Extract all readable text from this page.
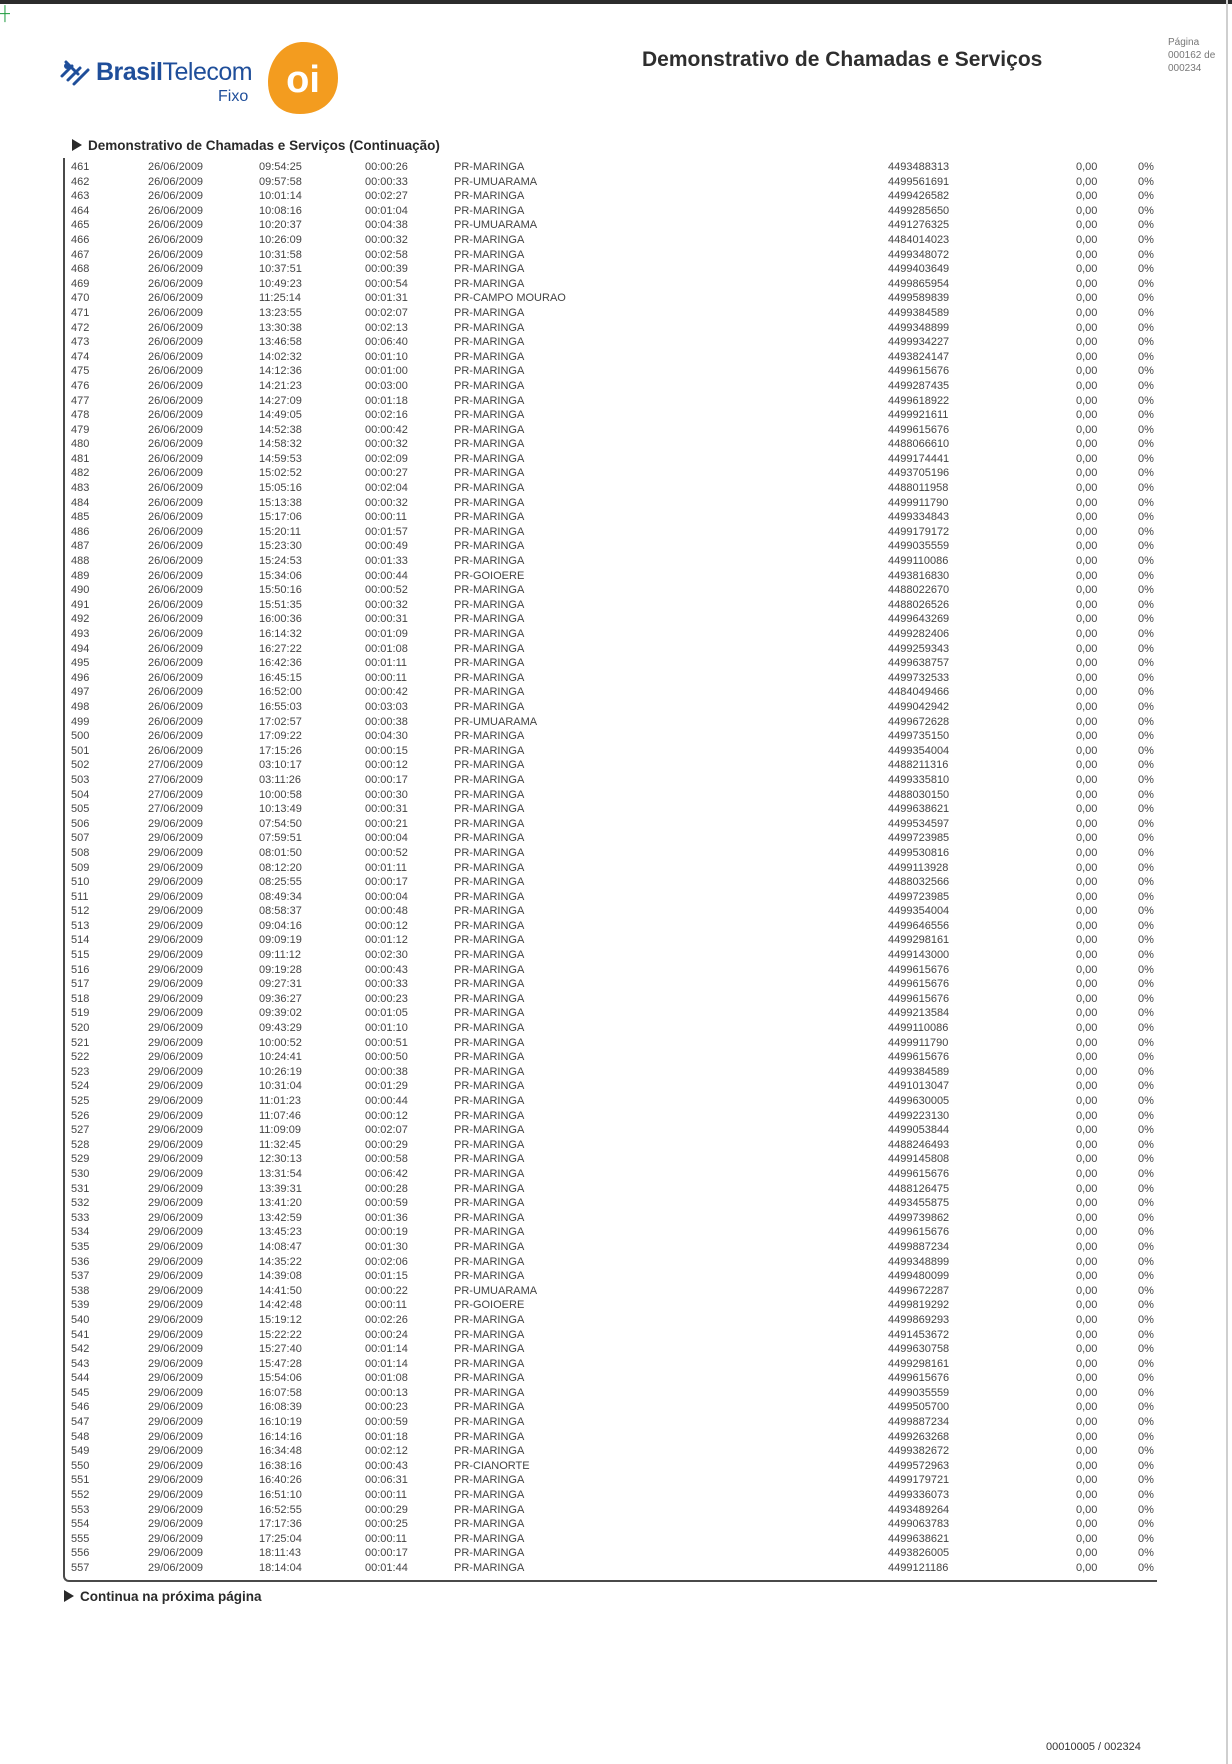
┼
BrasilTelecom
Fixo oi	Demonstrativo de Chamadas e Serviços
Página
000162 de
000234
Demonstrativo de Chamadas e Serviços (Continuação)
461	26/06/2009	09:54:25	00:00:26	PR-MARINGA	4493488313	0,00	0%
462	26/06/2009	09:57:58	00:00:33	PR-UMUARAMA	4499561691	0,00	0%
463	26/06/2009	10:01:14	00:02:27	PR-MARINGA	4499426582	0,00	0%
464	26/06/2009	10:08:16	00:01:04	PR-MARINGA	4499285650	0,00	0%
465	26/06/2009	10:20:37	00:04:38	PR-UMUARAMA	4491276325	0,00	0%
466	26/06/2009	10:26:09	00:00:32	PR-MARINGA	4484014023	0,00	0%
467	26/06/2009	10:31:58	00:02:58	PR-MARINGA	4499348072	0,00	0%
468	26/06/2009	10:37:51	00:00:39	PR-MARINGA	4499403649	0,00	0%
469	26/06/2009	10:49:23	00:00:54	PR-MARINGA	4499865954	0,00	0%
470	26/06/2009	11:25:14	00:01:31	PR-CAMPO MOURAO	4499589839	0,00	0%
471	26/06/2009	13:23:55	00:02:07	PR-MARINGA	4499384589	0,00	0%
472	26/06/2009	13:30:38	00:02:13	PR-MARINGA	4499348899	0,00	0%
473	26/06/2009	13:46:58	00:06:40	PR-MARINGA	4499934227	0,00	0%
474	26/06/2009	14:02:32	00:01:10	PR-MARINGA	4493824147	0,00	0%
475	26/06/2009	14:12:36	00:01:00	PR-MARINGA	4499615676	0,00	0%
476	26/06/2009	14:21:23	00:03:00	PR-MARINGA	4499287435	0,00	0%
477	26/06/2009	14:27:09	00:01:18	PR-MARINGA	4499618922	0,00	0%
478	26/06/2009	14:49:05	00:02:16	PR-MARINGA	4499921611	0,00	0%
479	26/06/2009	14:52:38	00:00:42	PR-MARINGA	4499615676	0,00	0%
480	26/06/2009	14:58:32	00:00:32	PR-MARINGA	4488066610	0,00	0%
481	26/06/2009	14:59:53	00:02:09	PR-MARINGA	4499174441	0,00	0%
482	26/06/2009	15:02:52	00:00:27	PR-MARINGA	4493705196	0,00	0%
483	26/06/2009	15:05:16	00:02:04	PR-MARINGA	4488011958	0,00	0%
484	26/06/2009	15:13:38	00:00:32	PR-MARINGA	4499911790	0,00	0%
485	26/06/2009	15:17:06	00:00:11	PR-MARINGA	4499334843	0,00	0%
486	26/06/2009	15:20:11	00:01:57	PR-MARINGA	4499179172	0,00	0%
487	26/06/2009	15:23:30	00:00:49	PR-MARINGA	4499035559	0,00	0%
488	26/06/2009	15:24:53	00:01:33	PR-MARINGA	4499110086	0,00	0%
489	26/06/2009	15:34:06	00:00:44	PR-GOIOERE	4493816830	0,00	0%
490	26/06/2009	15:50:16	00:00:52	PR-MARINGA	4488022670	0,00	0%
491	26/06/2009	15:51:35	00:00:32	PR-MARINGA	4488026526	0,00	0%
492	26/06/2009	16:00:36	00:00:31	PR-MARINGA	4499643269	0,00	0%
493	26/06/2009	16:14:32	00:01:09	PR-MARINGA	4499282406	0,00	0%
494	26/06/2009	16:27:22	00:01:08	PR-MARINGA	4499259343	0,00	0%
495	26/06/2009	16:42:36	00:01:11	PR-MARINGA	4499638757	0,00	0%
496	26/06/2009	16:45:15	00:00:11	PR-MARINGA	4499732533	0,00	0%
497	26/06/2009	16:52:00	00:00:42	PR-MARINGA	4484049466	0,00	0%
498	26/06/2009	16:55:03	00:03:03	PR-MARINGA	4499042942	0,00	0%
499	26/06/2009	17:02:57	00:00:38	PR-UMUARAMA	4499672628	0,00	0%
500	26/06/2009	17:09:22	00:04:30	PR-MARINGA	4499735150	0,00	0%
501	26/06/2009	17:15:26	00:00:15	PR-MARINGA	4499354004	0,00	0%
502	27/06/2009	03:10:17	00:00:12	PR-MARINGA	4488211316	0,00	0%
503	27/06/2009	03:11:26	00:00:17	PR-MARINGA	4499335810	0,00	0%
504	27/06/2009	10:00:58	00:00:30	PR-MARINGA	4488030150	0,00	0%
505	27/06/2009	10:13:49	00:00:31	PR-MARINGA	4499638621	0,00	0%
506	29/06/2009	07:54:50	00:00:21	PR-MARINGA	4499534597	0,00	0%
507	29/06/2009	07:59:51	00:00:04	PR-MARINGA	4499723985	0,00	0%
508	29/06/2009	08:01:50	00:00:52	PR-MARINGA	4499530816	0,00	0%
509	29/06/2009	08:12:20	00:01:11	PR-MARINGA	4499113928	0,00	0%
510	29/06/2009	08:25:55	00:00:17	PR-MARINGA	4488032566	0,00	0%
511	29/06/2009	08:49:34	00:00:04	PR-MARINGA	4499723985	0,00	0%
512	29/06/2009	08:58:37	00:00:48	PR-MARINGA	4499354004	0,00	0%
513	29/06/2009	09:04:16	00:00:12	PR-MARINGA	4499646556	0,00	0%
514	29/06/2009	09:09:19	00:01:12	PR-MARINGA	4499298161	0,00	0%
515	29/06/2009	09:11:12	00:02:30	PR-MARINGA	4499143000	0,00	0%
516	29/06/2009	09:19:28	00:00:43	PR-MARINGA	4499615676	0,00	0%
517	29/06/2009	09:27:31	00:00:33	PR-MARINGA	4499615676	0,00	0%
518	29/06/2009	09:36:27	00:00:23	PR-MARINGA	4499615676	0,00	0%
519	29/06/2009	09:39:02	00:01:05	PR-MARINGA	4499213584	0,00	0%
520	29/06/2009	09:43:29	00:01:10	PR-MARINGA	4499110086	0,00	0%
521	29/06/2009	10:00:52	00:00:51	PR-MARINGA	4499911790	0,00	0%
522	29/06/2009	10:24:41	00:00:50	PR-MARINGA	4499615676	0,00	0%
523	29/06/2009	10:26:19	00:00:38	PR-MARINGA	4499384589	0,00	0%
524	29/06/2009	10:31:04	00:01:29	PR-MARINGA	4491013047	0,00	0%
525	29/06/2009	11:01:23	00:00:44	PR-MARINGA	4499630005	0,00	0%
526	29/06/2009	11:07:46	00:00:12	PR-MARINGA	4499223130	0,00	0%
527	29/06/2009	11:09:09	00:02:07	PR-MARINGA	4499053844	0,00	0%
528	29/06/2009	11:32:45	00:00:29	PR-MARINGA	4488246493	0,00	0%
529	29/06/2009	12:30:13	00:00:58	PR-MARINGA	4499145808	0,00	0%
530	29/06/2009	13:31:54	00:06:42	PR-MARINGA	4499615676	0,00	0%
531	29/06/2009	13:39:31	00:00:28	PR-MARINGA	4488126475	0,00	0%
532	29/06/2009	13:41:20	00:00:59	PR-MARINGA	4493455875	0,00	0%
533	29/06/2009	13:42:59	00:01:36	PR-MARINGA	4499739862	0,00	0%
534	29/06/2009	13:45:23	00:00:19	PR-MARINGA	4499615676	0,00	0%
535	29/06/2009	14:08:47	00:01:30	PR-MARINGA	4499887234	0,00	0%
536	29/06/2009	14:35:22	00:02:06	PR-MARINGA	4499348899	0,00	0%
537	29/06/2009	14:39:08	00:01:15	PR-MARINGA	4499480099	0,00	0%
538	29/06/2009	14:41:50	00:00:22	PR-UMUARAMA	4499672287	0,00	0%
539	29/06/2009	14:42:48	00:00:11	PR-GOIOERE	4499819292	0,00	0%
540	29/06/2009	15:19:12	00:02:26	PR-MARINGA	4499869293	0,00	0%
541	29/06/2009	15:22:22	00:00:24	PR-MARINGA	4491453672	0,00	0%
542	29/06/2009	15:27:40	00:01:14	PR-MARINGA	4499630758	0,00	0%
543	29/06/2009	15:47:28	00:01:14	PR-MARINGA	4499298161	0,00	0%
544	29/06/2009	15:54:06	00:01:08	PR-MARINGA	4499615676	0,00	0%
545	29/06/2009	16:07:58	00:00:13	PR-MARINGA	4499035559	0,00	0%
546	29/06/2009	16:08:39	00:00:23	PR-MARINGA	4499505700	0,00	0%
547	29/06/2009	16:10:19	00:00:59	PR-MARINGA	4499887234	0,00	0%
548	29/06/2009	16:14:16	00:01:18	PR-MARINGA	4499263268	0,00	0%
549	29/06/2009	16:34:48	00:02:12	PR-MARINGA	4499382672	0,00	0%
550	29/06/2009	16:38:16	00:00:43	PR-CIANORTE	4499572963	0,00	0%
551	29/06/2009	16:40:26	00:06:31	PR-MARINGA	4499179721	0,00	0%
552	29/06/2009	16:51:10	00:00:11	PR-MARINGA	4499336073	0,00	0%
553	29/06/2009	16:52:55	00:00:29	PR-MARINGA	4493489264	0,00	0%
554	29/06/2009	17:17:36	00:00:25	PR-MARINGA	4499063783	0,00	0%
555	29/06/2009	17:25:04	00:00:11	PR-MARINGA	4499638621	0,00	0%
556	29/06/2009	18:11:43	00:00:17	PR-MARINGA	4493826005	0,00	0%
557	29/06/2009	18:14:04	00:01:44	PR-MARINGA	4499121186	0,00	0%
Continua na próxima página
00010005 / 002324
